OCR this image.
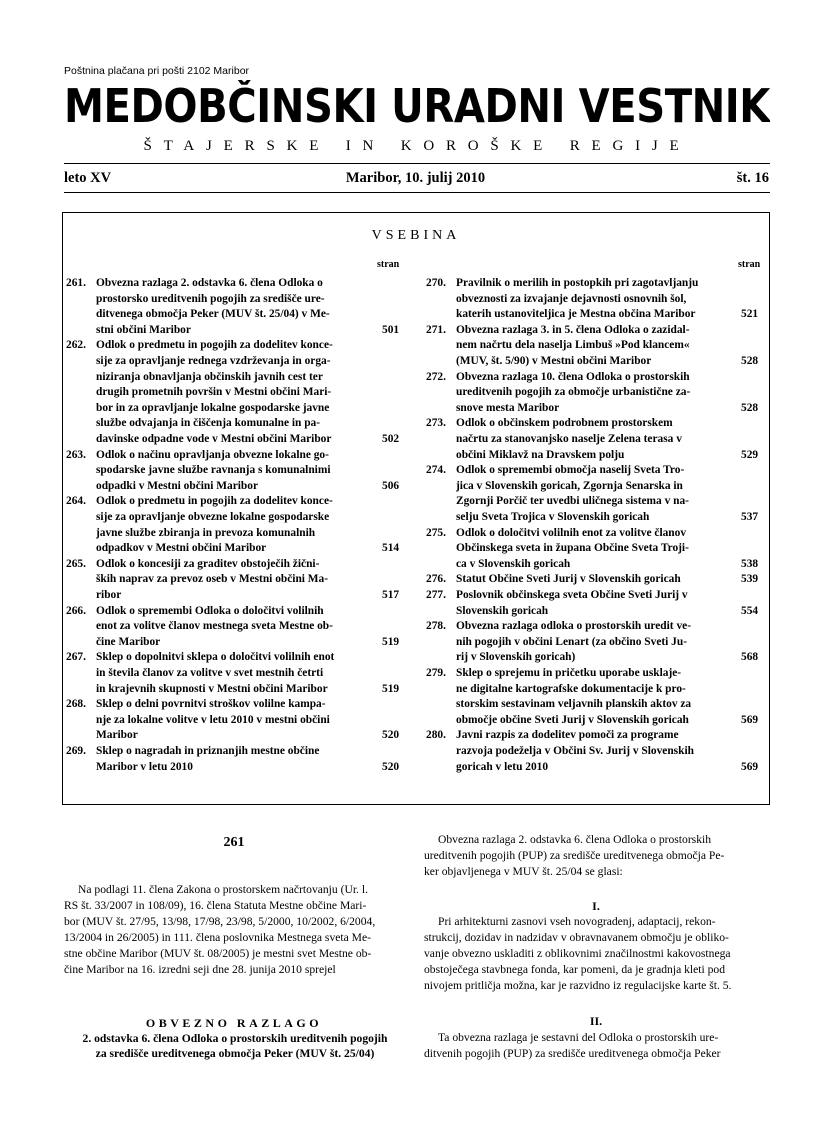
Poštnina plačana pri pošti 2102 Maribor
MEDOBČINSKI URADNI VESTNIK
ŠTAJERSKE IN KOROŠKE REGIJE
leto XV	Maribor, 10. julij 2010	št. 16
VSEBINA
stran	stran
261. Obvezna razlaga 2. odstavka 6. člena Odloka o
prostorsko ureditvenih pogojih za središče ure-
ditvenega območja Peker (MUV št. 25/04) v Me-
stni občini Maribor	501
262. Odlok o predmetu in pogojih za dodelitev konce-
sije za opravljanje rednega vzdrževanja in orga-
niziranja obnavljanja občinskih javnih cest ter
drugih prometnih površin v Mestni občini Mari-
bor in za opravljanje lokalne gospodarske javne
službe odvajanja in čiščenja komunalne in pa-
davinske odpadne vode v Mestni občini Maribor	502
263. Odlok o načinu opravljanja obvezne lokalne go-
spodarske javne službe ravnanja s komunalnimi
odpadki v Mestni občini Maribor	506
264. Odlok o predmetu in pogojih za dodelitev konce-
sije za opravljanje obvezne lokalne gospodarske
javne službe zbiranja in prevoza komunalnih
odpadkov v Mestni občini Maribor	514
265. Odlok o koncesiji za graditev obstoječih žični-
ških naprav za prevoz oseb v Mestni občini Ma-
ribor	517
266. Odlok o spremembi Odloka o določitvi volilnih
enot za volitve članov mestnega sveta Mestne ob-
čine Maribor	519
267. Sklep o dopolnitvi sklepa o določitvi volilnih enot
in števila članov za volitve v svet mestnih četrti
in krajevnih skupnosti v Mestni občini Maribor	519
268. Sklep o delni povrnitvi stroškov volilne kampa-
nje za lokalne volitve v letu 2010 v mestni občini
Maribor	520
269. Sklep o nagradah in priznanjih mestne občine
Maribor v letu 2010	520
270. Pravilnik o merilih in postopkih pri zagotavljanju
obveznosti za izvajanje dejavnosti osnovnih šol,
katerih ustanoviteljica je Mestna občina Maribor	521
271. Obvezna razlaga 3. in 5. člena Odloka o zazidal-
nem načrtu dela naselja Limbuš »Pod klancem«
(MUV, št. 5/90) v Mestni občini Maribor	528
272. Obvezna razlaga 10. člena Odloka o prostorskih
ureditvenih pogojih za območje urbanistične za-
snove mesta Maribor	528
273. Odlok o občinskem podrobnem prostorskem
načrtu za stanovanjsko naselje Zelena terasa v
občini Miklavž na Dravskem polju	529
274. Odlok o spremembi območja naselij Sveta Tro-
jica v Slovenskih goricah, Zgornja Senarska in
Zgornji Porčič ter uvedbi uličnega sistema v na-
selju Sveta Trojica v Slovenskih goricah	537
275. Odlok o določitvi volilnih enot za volitve članov
Občinskega sveta in župana Občine Sveta Troji-
ca v Slovenskih goricah	538
276. Statut Občine Sveti Jurij v Slovenskih goricah	539
277. Poslovnik občinskega sveta Občine Sveti Jurij v
Slovenskih goricah	554
278. Obvezna razlaga odloka o prostorskih uredit ve-
nih pogojih v občini Lenart (za občino Sveti Ju-
rij v Slovenskih goricah)	568
279. Sklep o sprejemu in pričetku uporabe usklaje-
ne digitalne kartografske dokumentacije k pro-
storskim sestavinam veljavnih planskih aktov za
območje občine Sveti Jurij v Slovenskih goricah	569
280. Javni razpis za dodelitev pomoči za programe
razvoja podeželja v Občini Sv. Jurij v Slovenskih
goricah v letu 2010	569
261
Na podlagi 11. člena Zakona o prostorskem načrtovanju (Ur. l.
RS št. 33/2007 in 108/09), 16. člena Statuta Mestne občine Mari-
bor (MUV št. 27/95, 13/98, 17/98, 23/98, 5/2000, 10/2002, 6/2004,
13/2004 in 26/2005) in 111. člena poslovnika Mestnega sveta Me-
stne občine Maribor (MUV št. 08/2005) je mestni svet Mestne ob-
čine Maribor na 16. izredni seji dne 28. junija 2010 sprejel
OBVEZNO RAZLAGO
2. odstavka 6. člena Odloka o prostorskih ureditvenih pogojih
za središče ureditvenega območja Peker (MUV št. 25/04)
Obvezna razlaga 2. odstavka 6. člena Odloka o prostorskih
ureditvenih pogojih (PUP) za središče ureditvenega območja Pe-
ker objavljenega v MUV št. 25/04 se glasi:
I.
Pri arhitekturni zasnovi vseh novogradenj, adaptacij, rekon-
strukcij, dozidav in nadzidav v obravnavanem območju je obliko-
vanje obvezno uskladiti z oblikovnimi značilnostmi kakovostnega
obstoječega stavbnega fonda, kar pomeni, da je gradnja kleti pod
nivojem pritličja možna, kar je razvidno iz regulacijske karte št. 5.
II.
Ta obvezna razlaga je sestavni del Odloka o prostorskih ure-
ditvenih pogojih (PUP) za središče ureditvenega območja Peker
